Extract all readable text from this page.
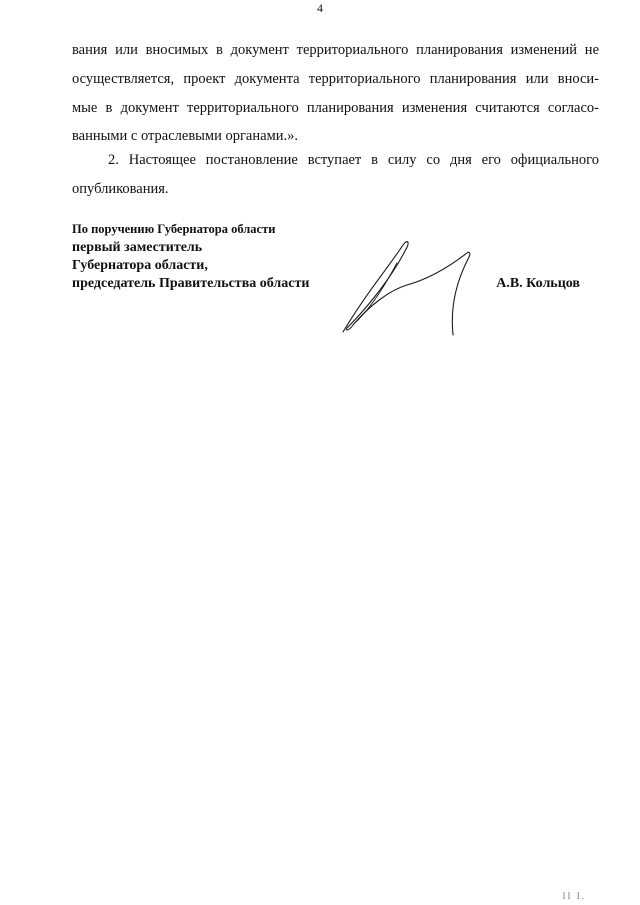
4

вания или вносимых в документ территориального планирования изменений не

осуществляется, проект документа территориального планирования или вноси-

мые в документ территориального планирования изменения считаются согласо-

ванными с отраслевыми органами.».

2. Настоящее постановление вступает в силу со дня его официального

опубликования.

По поручению Губернатора области

первый заместитель

Губернатора области,

председатель Правительства области	А.В. Кольцов
II I.
